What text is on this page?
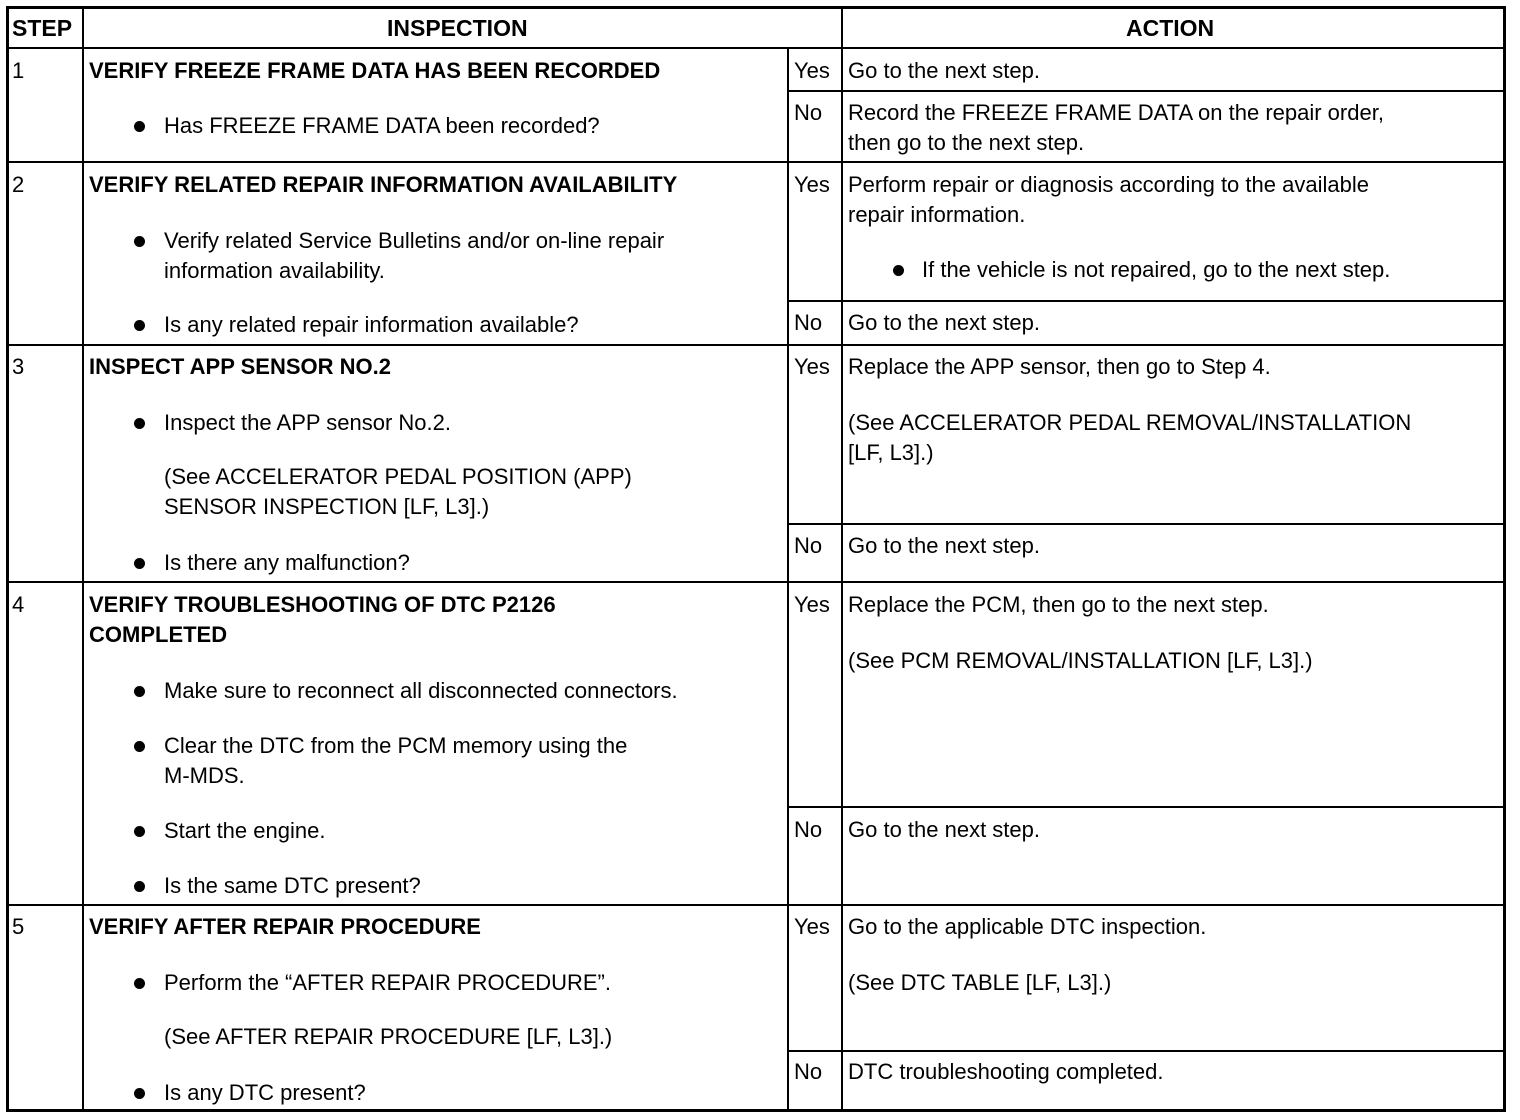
STEP	INSPECTION	ACTION
1	VERIFY FREEZE FRAME DATA HAS BEEN RECORDED
Has FREEZE FRAME DATA been recorded?
Yes Go to the next step.
No Record the FREEZE FRAME DATA on the repair order,
then go to the next step.
2	VERIFY RELATED REPAIR INFORMATION AVAILABILITY
Verify related Service Bulletins and/or on-line repair
information availability.
Is any related repair information available?
Yes Perform repair or diagnosis according to the available
repair information.
If the vehicle is not repaired, go to the next step.
No Go to the next step.
3	INSPECT APP SENSOR NO.2
Inspect the APP sensor No.2.
(See ACCELERATOR PEDAL POSITION (APP)
SENSOR INSPECTION [LF, L3].)
Is there any malfunction?
Yes Replace the APP sensor, then go to Step 4.
(See ACCELERATOR PEDAL REMOVAL/INSTALLATION
[LF, L3].)
No Go to the next step.
4	VERIFY TROUBLESHOOTING OF DTC P2126
COMPLETED
Make sure to reconnect all disconnected connectors.
Clear the DTC from the PCM memory using the
M-MDS.
Start the engine.
Is the same DTC present?
Yes Replace the PCM, then go to the next step.
(See PCM REMOVAL/INSTALLATION [LF, L3].)
No Go to the next step.
5	VERIFY AFTER REPAIR PROCEDURE
Perform the “AFTER REPAIR PROCEDURE”.
(See AFTER REPAIR PROCEDURE [LF, L3].)
Is any DTC present?
Yes Go to the applicable DTC inspection.
(See DTC TABLE [LF, L3].)
No DTC troubleshooting completed.
